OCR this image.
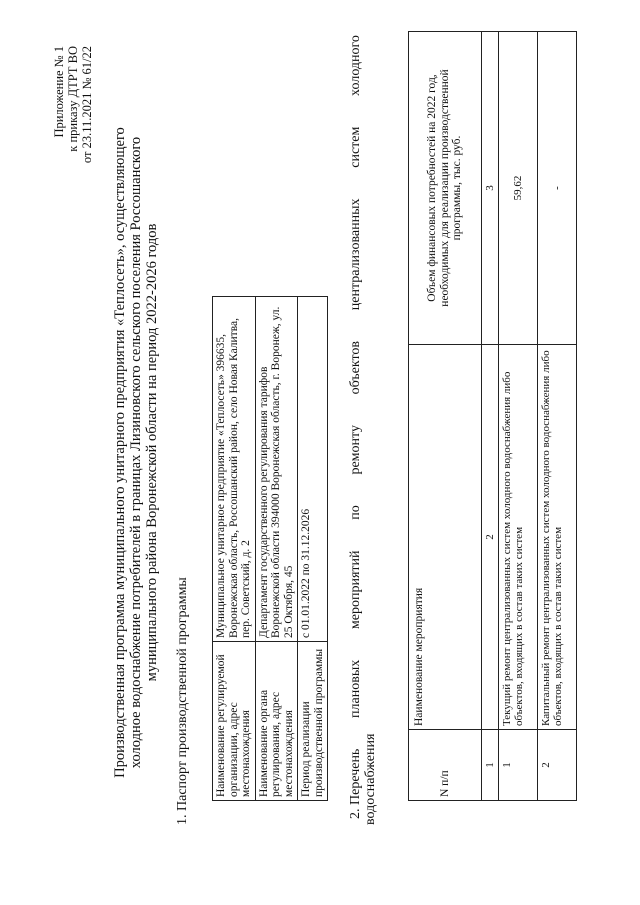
Приложение № 1 к приказу ДТРТ ВО от 23.11.2021 № 61/22
Производственная программа муниципального унитарного предприятия «Теплосеть», осуществляющего холодное водоснабжение потребителей в границах Лизиновского сельского поселения Россошанского муниципального района Воронежской области на период 2022-2026 годов
1. Паспорт производственной программы Наименование регулируемой организации, адрес местонахождения	Муниципальное унитарное предприятие «Теплосеть» 396635, Воронежская область, Россошанский район, село Новая Калитва, пер. Советский, д. 2
Наименование органа регулирования, адрес местонахождения	Департамент государственного регулирования тарифов Воронежской области 394000 Воронежская область, г. Воронеж, ул. 25 Октября, 45
Период реализации производственной программы	с 01.01.2022 по 31.12.2026
2. Перечень
плановых
мероприятий
по
ремонту
объектов
централизованных
систем
холодного
водоснабжения	N п/п	Наименование мероприятия	Объем финансовых потребностей на 2022 год, необходимых для реализации производственной программы, тыс. руб.
1	2	3
1	Текущий ремонт централизованных систем холодного водоснабжения либо объектов, входящих в состав таких систем	59,62
2	Капитальный ремонт централизованных систем холодного водоснабжения либо объектов, входящих в состав таких систем	-
